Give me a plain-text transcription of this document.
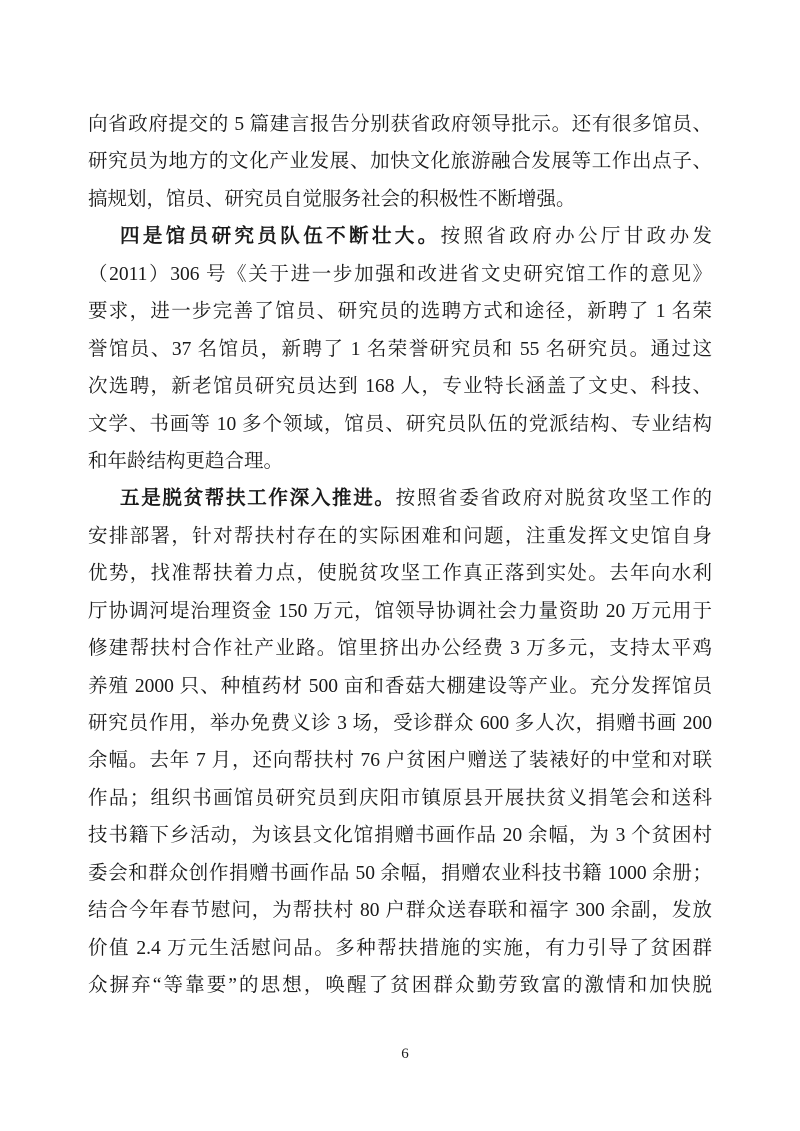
向省政府提交的 5 篇建言报告分别获省政府领导批示。还有很多馆员、
研究员为地方的文化产业发展、加快文化旅游融合发展等工作出点子、
搞规划，馆员、研究员自觉服务社会的积极性不断增强。
四是馆员研究员队伍不断壮大。按照省政府办公厅甘政办发
（2011）306 号《关于进一步加强和改进省文史研究馆工作的意见》
要求，进一步完善了馆员、研究员的选聘方式和途径，新聘了 1 名荣
誉馆员、37 名馆员，新聘了 1 名荣誉研究员和 55 名研究员。通过这
次选聘，新老馆员研究员达到 168 人，专业特长涵盖了文史、科技、
文学、书画等 10 多个领域，馆员、研究员队伍的党派结构、专业结构
和年龄结构更趋合理。
五是脱贫帮扶工作深入推进。按照省委省政府对脱贫攻坚工作的
安排部署，针对帮扶村存在的实际困难和问题，注重发挥文史馆自身
优势，找准帮扶着力点，使脱贫攻坚工作真正落到实处。去年向水利
厅协调河堤治理资金 150 万元，馆领导协调社会力量资助 20 万元用于
修建帮扶村合作社产业路。馆里挤出办公经费 3 万多元，支持太平鸡
养殖 2000 只、种植药材 500 亩和香菇大棚建设等产业。充分发挥馆员
研究员作用，举办免费义诊 3 场，受诊群众 600 多人次，捐赠书画 200
余幅。去年 7 月，还向帮扶村 76 户贫困户赠送了装裱好的中堂和对联
作品；组织书画馆员研究员到庆阳市镇原县开展扶贫义捐笔会和送科
技书籍下乡活动，为该县文化馆捐赠书画作品 20 余幅，为 3 个贫困村
委会和群众创作捐赠书画作品 50 余幅，捐赠农业科技书籍 1000 余册；
结合今年春节慰问，为帮扶村 80 户群众送春联和福字 300 余副，发放
价值 2.4 万元生活慰问品。多种帮扶措施的实施，有力引导了贫困群
众摒弃“等靠要”的思想，唤醒了贫困群众勤劳致富的激情和加快脱
6
